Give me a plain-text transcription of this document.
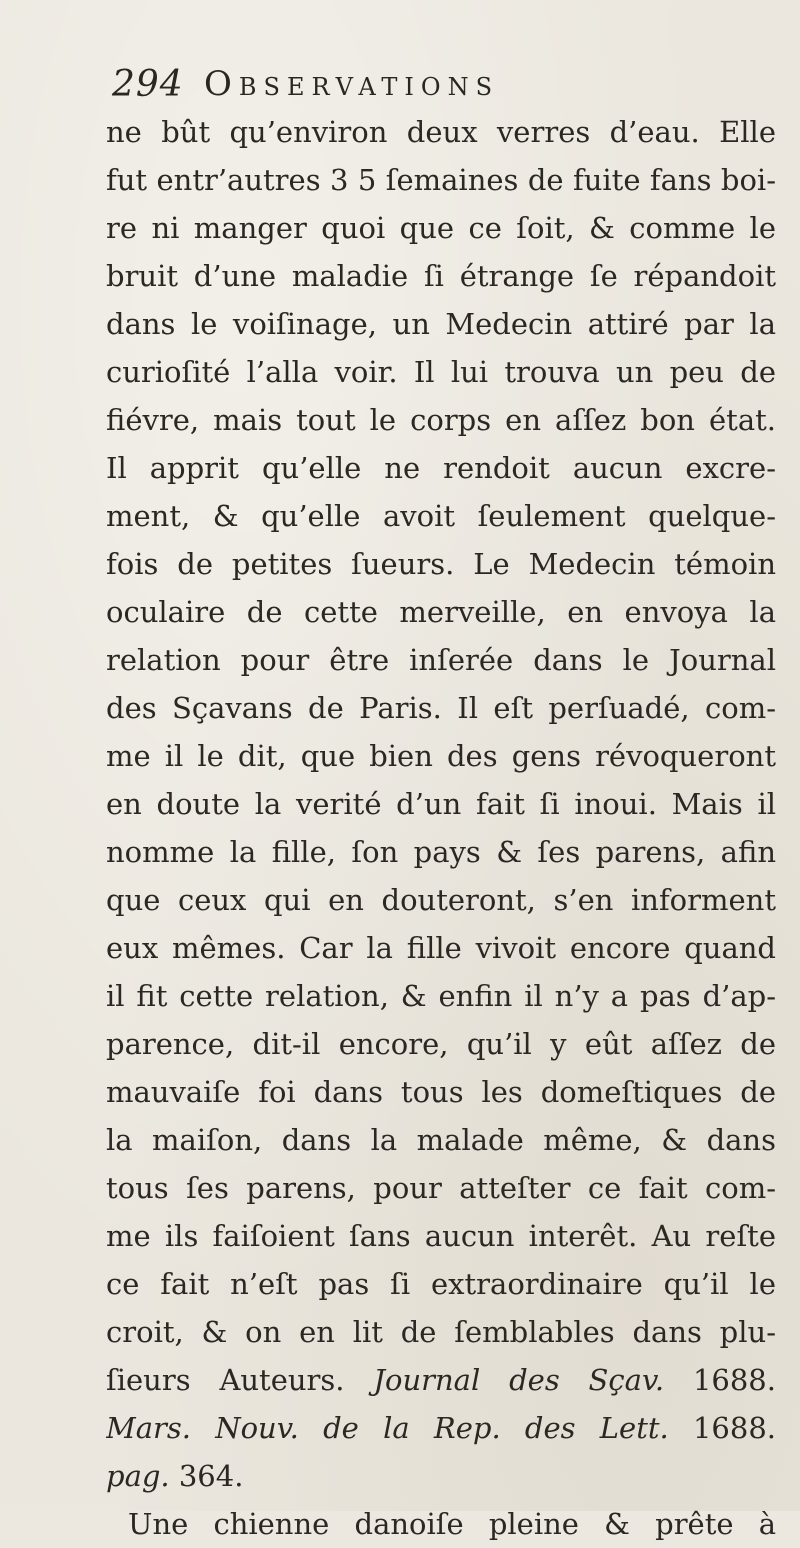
294 Observations
ne bût qu’environ deux verres d’eau. Elle
fut entr’autres 3 5 ſemaines de fuite fans boi-
re ni manger quoi que ce ſoit, & comme le
bruit d’une maladie ſi étrange ſe répandoit
dans le voiſinage, un Medecin attiré par la
curioſité l’alla voir. Il lui trouva un peu de
fiévre, mais tout le corps en aſſez bon état.
Il apprit qu’elle ne rendoit aucun excre-
ment, & qu’elle avoit ſeulement quelque-
fois de petites ſueurs. Le Medecin témoin
oculaire de cette merveille, en envoya la
relation pour être inſerée dans le Journal
des Sçavans de Paris. Il eſt perſuadé, com-
me il le dit, que bien des gens révoqueront
en doute la verité d’un fait ſi inoui. Mais il
nomme la fille, ſon pays & ſes parens, afin
que ceux qui en douteront, s’en informent
eux mêmes. Car la fille vivoit encore quand
il fit cette relation, & enfin il n’y a pas d’ap-
parence, dit-il encore, qu’il y eût aſſez de
mauvaiſe foi dans tous les domeſtiques de
la maiſon, dans la malade même, & dans
tous ſes parens, pour atteſter ce fait com-
me ils faiſoient ſans aucun interêt. Au reſte
ce fait n’eſt pas ſi extraordinaire qu’il le
croit, & on en lit de ſemblables dans plu-
ſieurs Auteurs. Journal des Sçav. 1688.
Mars. Nouv. de la Rep. des Lett. 1688.
pag. 364.
Une chienne danoiſe pleine & prête à
